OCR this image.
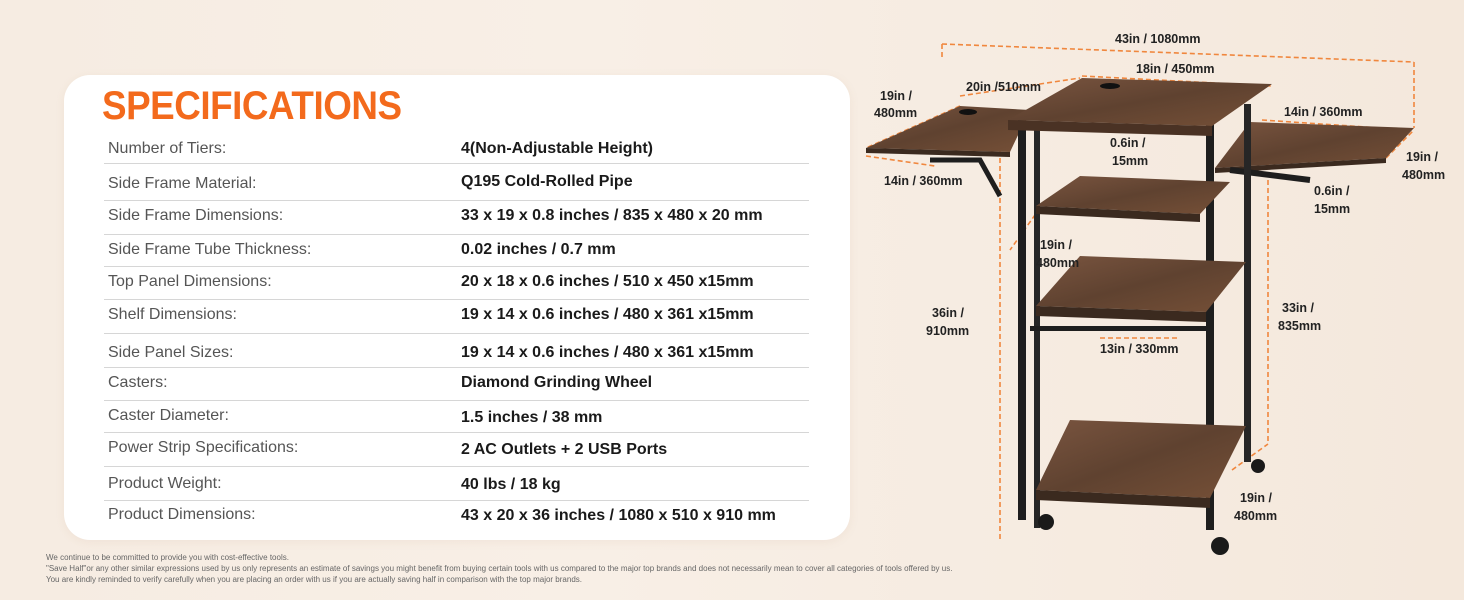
SPECIFICATIONS
Number of Tiers:	4(Non-Adjustable Height)
Side Frame Material:	Q195 Cold-Rolled Pipe
Side Frame Dimensions:	33 x 19 x 0.8 inches / 835 x 480 x 20 mm
Side Frame Tube Thickness:	0.02 inches / 0.7 mm
Top Panel Dimensions:	20 x 18 x 0.6 inches / 510 x 450 x15mm
Shelf Dimensions:	19 x 14 x 0.6 inches / 480 x 361 x15mm
Side Panel Sizes:	19 x 14 x 0.6 inches / 480 x 361 x15mm
Casters:	Diamond Grinding Wheel
Caster Diameter:	1.5 inches / 38 mm
Power Strip Specifications:	2 AC Outlets + 2 USB Ports
Product Weight:	40 lbs / 18 kg
Product Dimensions:	43 x 20 x 36 inches / 1080 x 510 x 910 mm
We continue to be committed to provide you with cost-effective tools.
"Save Half"or any other similar expressions used by us only represents an estimate of savings you might benefit from buying certain tools with us compared to the major top brands and does not necessarily mean to cover all categories of tools offered by us.
You are kindly reminded to verify carefully when you are placing an order with us if you are actually saving half in comparison with the top major brands.
43in / 1080mm
20in /510mm
18in / 450mm
19in /
480mm	14in / 360mm
14in / 360mm
19in /
480mm
0.6in /
15mm
0.6in /
15mm
19in /
480mm
36in /
910mm
33in /
835mm
13in / 330mm
19in /
480mm
